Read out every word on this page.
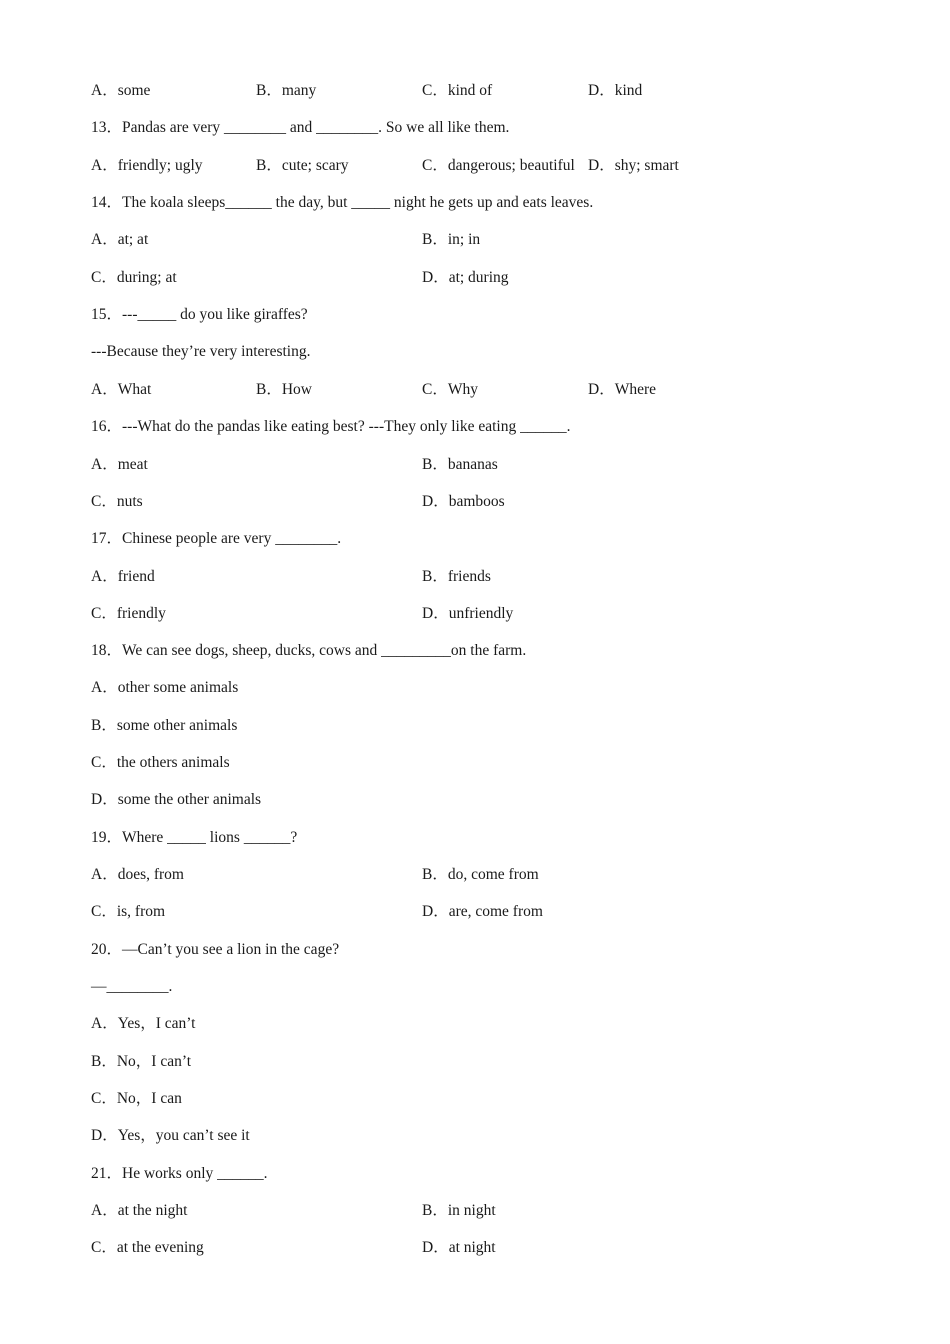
A．some	B．many	C．kind of	D．kind
13．Pandas are very ________ and ________. So we all like them.
A．friendly; ugly	B．cute; scary	C．dangerous; beautiful D．shy; smart
14．The koala sleeps______ the day, but _____ night he gets up and eats leaves.
A．at; at	B．in; in
C．during; at	D．at; during
15．---_____ do you like giraffes?
---Because they’re very interesting.
A．What	B．How	C．Why	D．Where
16．---What do the pandas like eating best? ---They only like eating ______.
A．meat	B．bananas
C．nuts	D．bamboos
17．Chinese people are very ________.
A．friend	B．friends
C．friendly	D．unfriendly
18．We can see dogs, sheep, ducks, cows and _________on the farm.
A．other some animals
B．some other animals
C．the others animals
D．some the other animals
19．Where _____ lions ______?
A．does, from	B．do, come from
C．is, from	D．are, come from
20．—Can’t you see a lion in the cage?
—________.
A．Yes，I can’t
B．No，I can’t
C．No，I can
D．Yes，you can’t see it
21．He works only ______.
A．at the night	B．in night
C．at the evening	D．at night
